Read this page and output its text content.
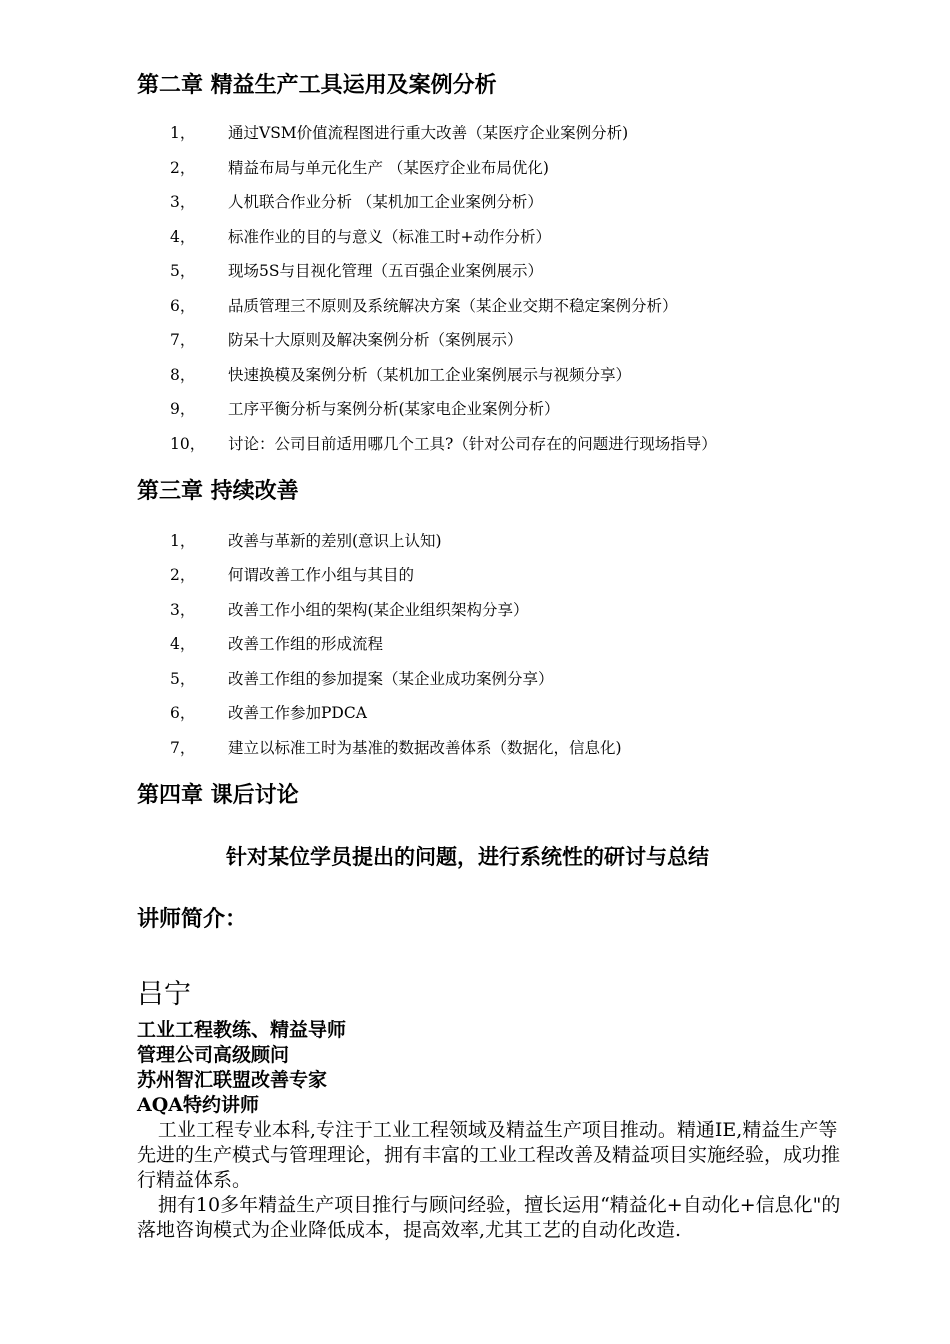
第二章 精益生产工具运用及案例分析
1， 通过VSM价值流程图进行重大改善（某医疗企业案例分析)
2， 精益布局与单元化生产 （某医疗企业布局优化)
3， 人机联合作业分析 （某机加工企业案例分析）
4， 标准作业的目的与意义（标准工时+动作分析）
5， 现场5S与目视化管理（五百强企业案例展示）
6， 品质管理三不原则及系统解决方案（某企业交期不稳定案例分析）
7， 防呆十大原则及解决案例分析（案例展示）
8， 快速换模及案例分析（某机加工企业案例展示与视频分享）
9， 工序平衡分析与案例分析(某家电企业案例分析）
10， 讨论：公司目前适用哪几个工具?（针对公司存在的问题进行现场指导）
第三章 持续改善
1， 改善与革新的差别(意识上认知)
2， 何谓改善工作小组与其目的
3， 改善工作小组的架构(某企业组织架构分享）
4， 改善工作组的形成流程
5， 改善工作组的参加提案（某企业成功案例分享）
6， 改善工作参加PDCA
7， 建立以标准工时为基准的数据改善体系（数据化，信息化)
第四章 课后讨论
针对某位学员提出的问题，进行系统性的研讨与总结
讲师简介：
吕宁
工业工程教练、精益导师
管理公司高级顾问
苏州智汇联盟改善专家
AQA特约讲师

工业工程专业本科,专注于工业工程领域及精益生产项目推动。精通IE,精益生产等先进的生产模式与管理理论，拥有丰富的工业工程改善及精益项目实施经验，成功推行精益体系。

拥有10多年精益生产项目推行与顾问经验，擅长运用“精益化+自动化+信息化"的落地咨询模式为企业降低成本，提高效率,尤其工艺的自动化改造.
